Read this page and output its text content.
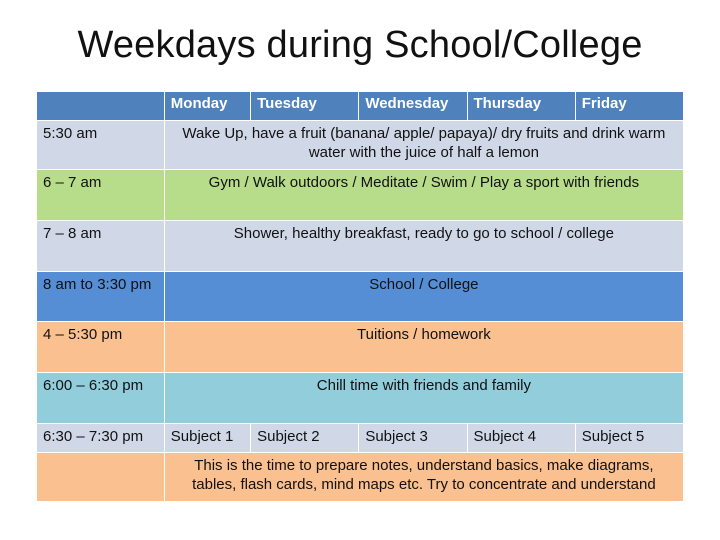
Weekdays during School/College
	Monday	Tuesday	Wednesday	Thursday	Friday
5:30 am	Wake Up, have a fruit (banana/ apple/ papaya)/ dry fruits and drink warm water with the juice of half a lemon				
6 – 7 am	Gym / Walk outdoors / Meditate / Swim / Play a sport with friends				
7 – 8 am	Shower, healthy breakfast, ready to go to school / college				
8 am to 3:30 pm	School / College				
4 – 5:30 pm	Tuitions / homework				
6:00 – 6:30 pm	Chill time with friends and family				
6:30 – 7:30 pm	Subject 1	Subject 2	Subject 3	Subject 4	Subject 5
	This is the time to prepare notes, understand basics, make diagrams, tables, flash cards, mind maps etc. Try to concentrate and understand				
